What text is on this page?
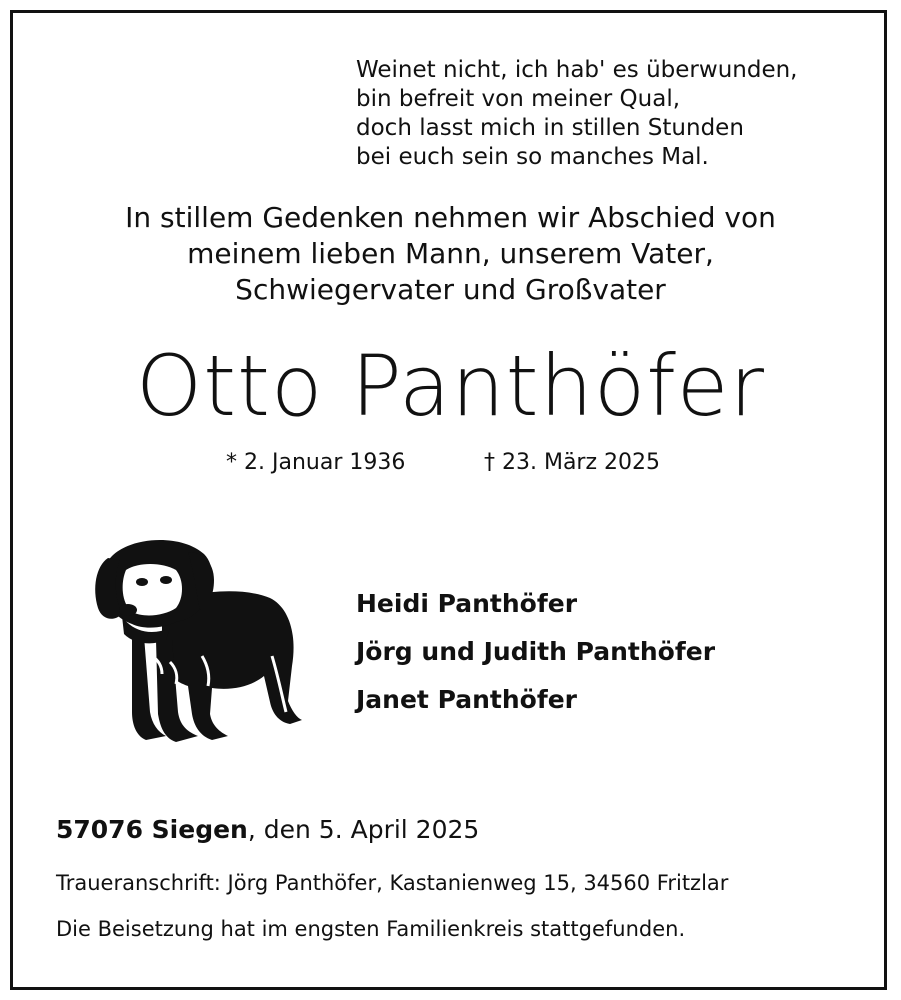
Weinet nicht, ich hab' es überwunden,
bin befreit von meiner Qual,
doch lasst mich in stillen Stunden
bei euch sein so manches Mal.
In stillem Gedenken nehmen wir Abschied von
meinem lieben Mann, unserem Vater,
Schwiegervater und Großvater
Otto Panthöfer
* 2. Januar 1936	† 23. März 2025
Heidi Panthöfer
Jörg und Judith Panthöfer
Janet Panthöfer
57076 Siegen, den 5. April 2025
Traueranschrift: Jörg Panthöfer, Kastanienweg 15, 34560 Fritzlar
Die Beisetzung hat im engsten Familienkreis stattgefunden.
